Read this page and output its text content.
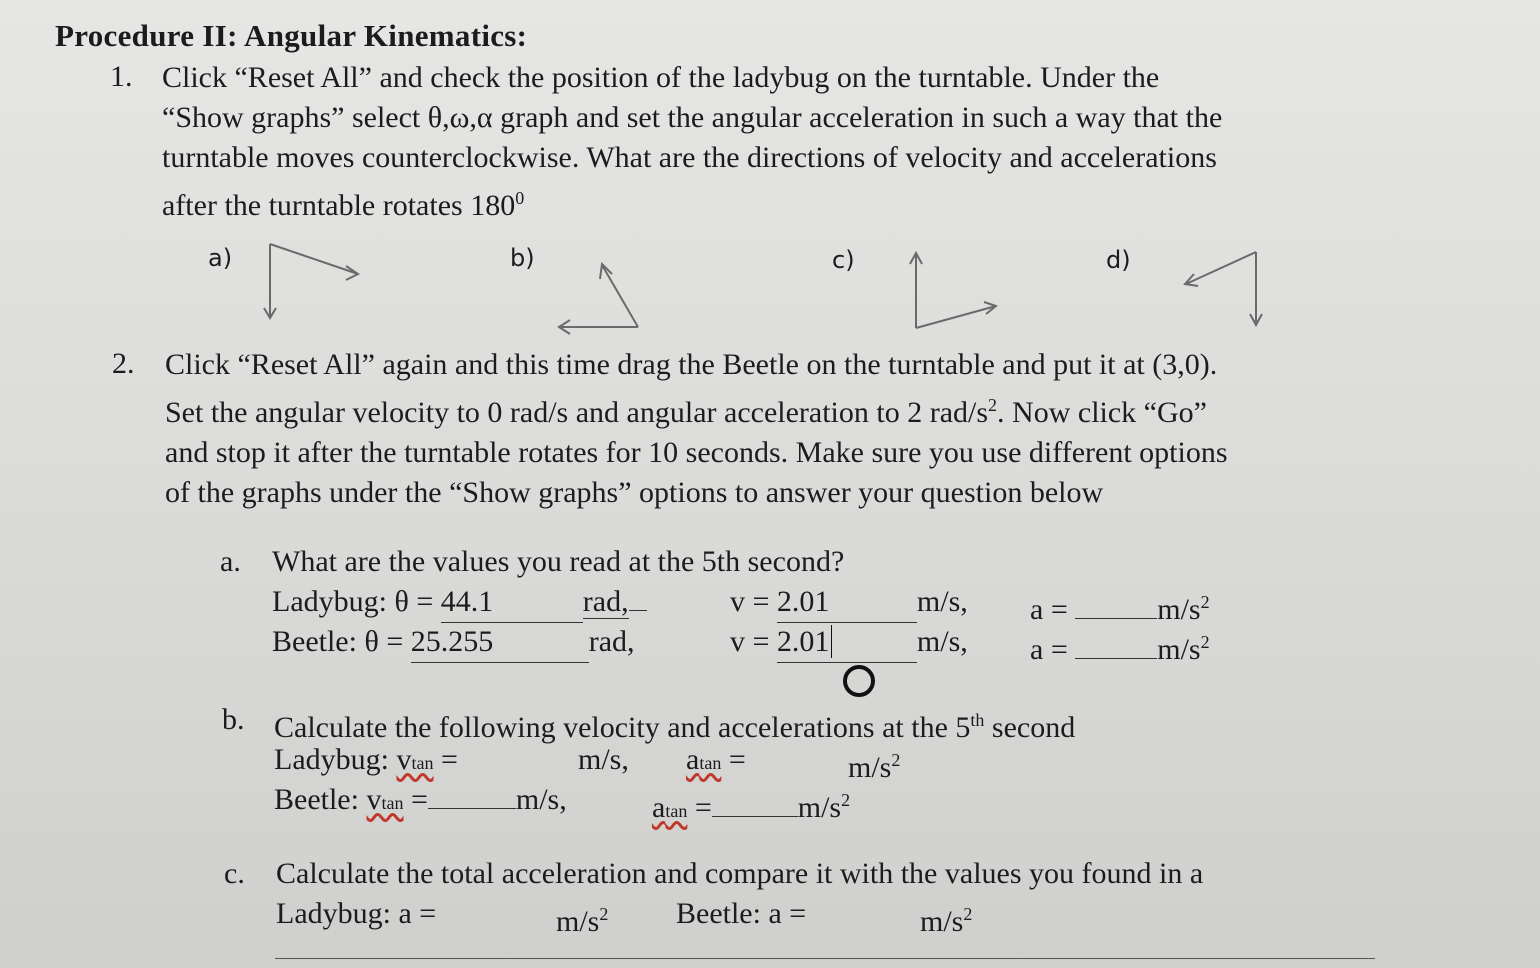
Procedure II: Angular Kinematics:
1. Click “Reset All” and check the position of the ladybug on the turntable. Under the
“Show graphs” select θ,ω,α graph and set the angular acceleration in such a way that the
turntable moves counterclockwise. What are the directions of velocity and accelerations
after the turntable rotates $180^0$
a)	b)	c)	d)
2. Click “Reset All” again and this time drag the Beetle on the turntable and put it at (3,0).
Set the angular velocity to 0 rad/s and angular acceleration to 2 rad/$s^2$. Now click “Go”
and stop it after the turntable rotates for 10 seconds. Make sure you use different options
of the graphs under the “Show graphs” options to answer your question below
a. What are the values you read at the 5th second?
Ladybug: θ = 44.1	rad,	v = 2.01	m/s, a =	$m/s^2$
Beetle: θ = 25.255	rad,	v = 2.01	m/s, a =	$m/s^2$
b. Calculate the following velocity and accelerations at the 5th second
Ladybug: vtan =	m/s, atan =	$m/s^2$
Beetle: vtan =	m/s,	atan =	$m/s^2$
c. Calculate the total acceleration and compare it with the values you found in a
Ladybug: a =	$m/s^2$ Beetle: a =	$m/s^2$
